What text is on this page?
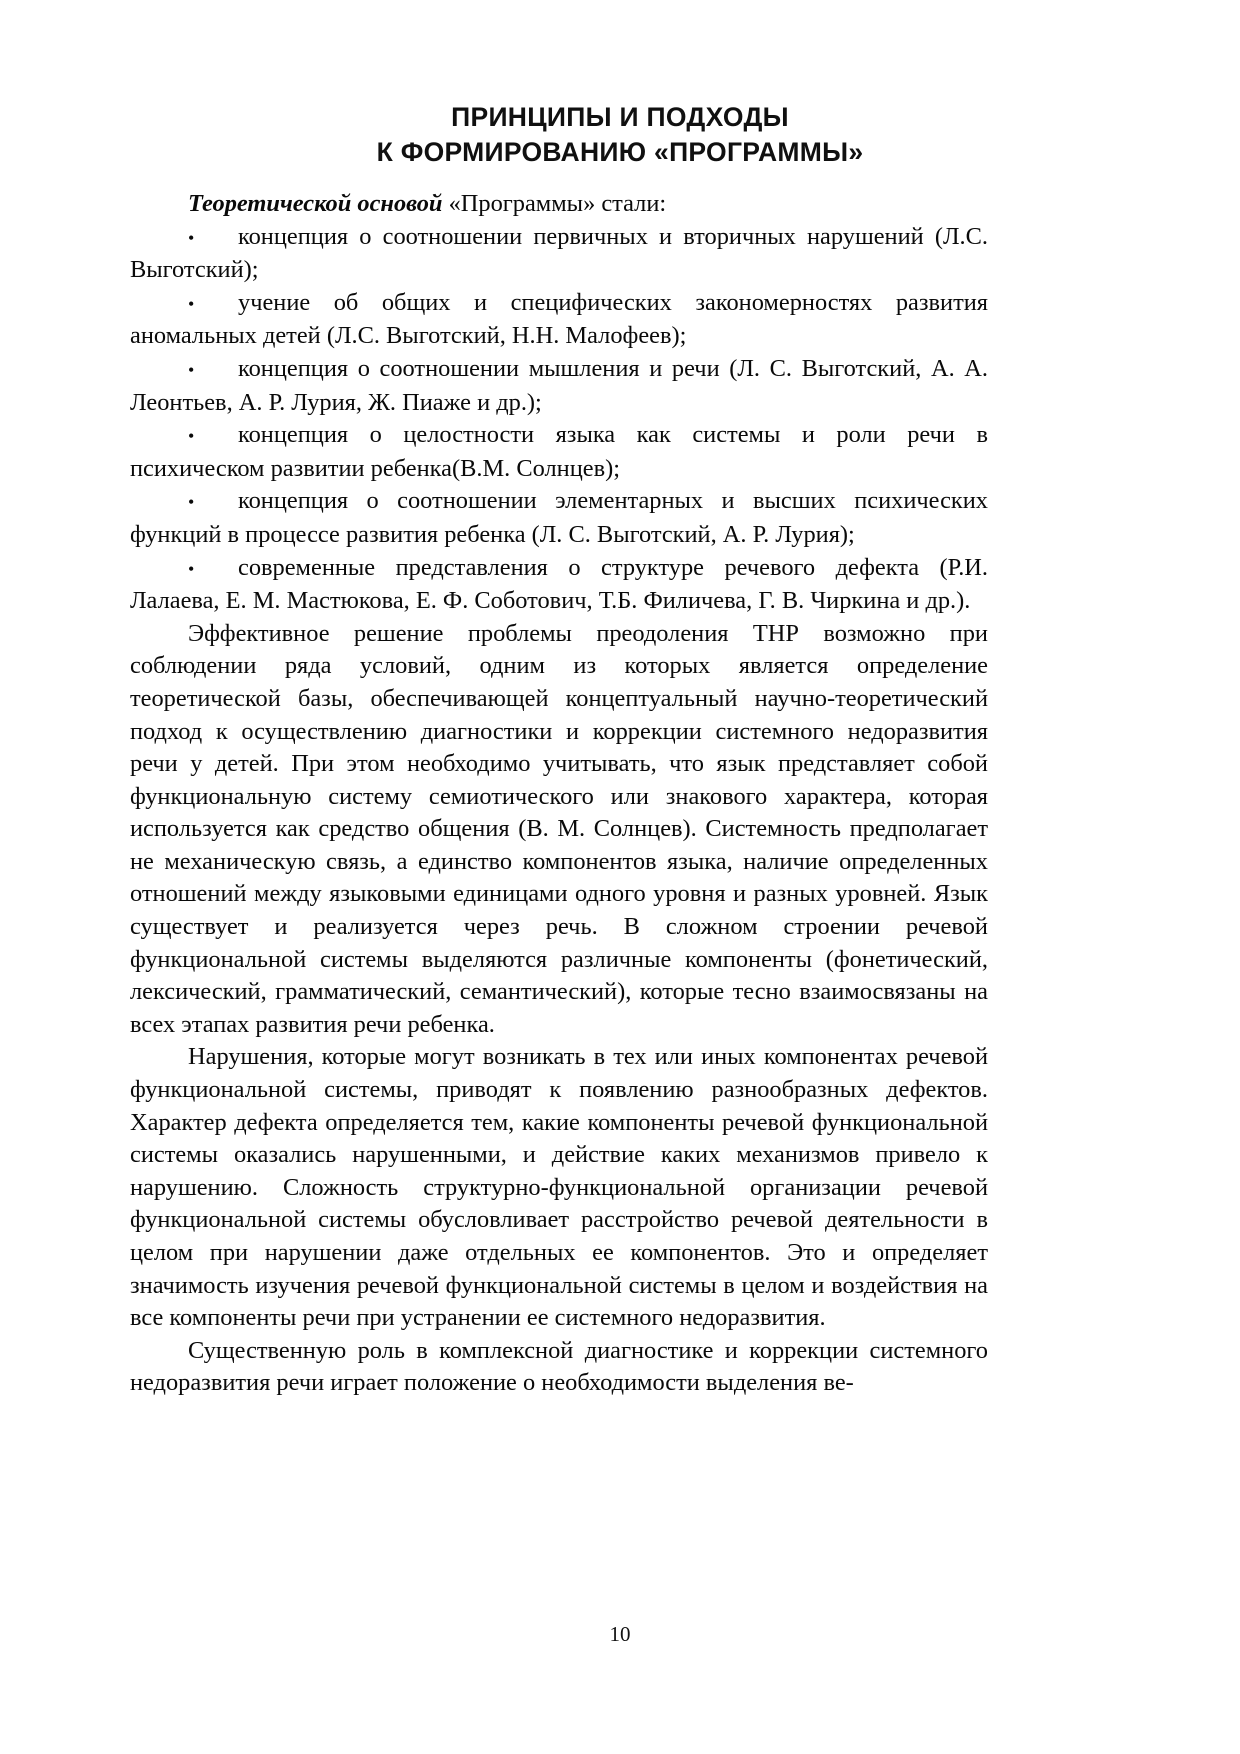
ПРИНЦИПЫ И ПОДХОДЫ
К ФОРМИРОВАНИЮ «ПРОГРАММЫ»

Теоретической основой «Программы» стали:

• концепция о соотношении первичных и вторичных нарушений (Л.С. Выготский);

• учение об общих и специфических закономерностях развития аномальных детей (Л.С. Выготский, Н.Н. Малофеев);

• концепция о соотношении мышления и речи (Л. С. Выготский, А. А. Леонтьев, А. Р. Лурия, Ж. Пиаже и др.);

• концепция о целостности языка как системы и роли речи в психическом развитии ребенка(В.М. Солнцев);

• концепция о соотношении элементарных и высших психических функций в процессе развития ребенка (Л. С. Выготский, А. Р. Лурия);

• современные представления о структуре речевого дефекта (Р.И. Лалаева, Е. М. Мастюкова, Е. Ф. Соботович, Т.Б. Филичева, Г. В. Чиркина и др.).

Эффективное решение проблемы преодоления ТНР возможно при соблюдении ряда условий, одним из которых является определение теоретической базы, обеспечивающей концептуальный научно-теоретический подход к осуществлению диагностики и коррекции системного недоразвития речи у детей. При этом необходимо учитывать, что язык представляет собой функциональную систему семиотического или знакового характера, которая используется как средство общения (В. М. Солнцев). Системность предполагает не механическую связь, а единство компонентов языка, наличие определенных отношений между языковыми единицами одного уровня и разных уровней. Язык существует и реализуется через речь. В сложном строении речевой функциональной системы выделяются различные компоненты (фонетический, лексический, грамматический, семантический), которые тесно взаимосвязаны на всех этапах развития речи ребенка.

Нарушения, которые могут возникать в тех или иных компонентах речевой функциональной системы, приводят к появлению разнообразных дефектов. Характер дефекта определяется тем, какие компоненты речевой функциональной системы оказались нарушенными, и действие каких механизмов привело к нарушению. Сложность структурно-функциональной организации речевой функциональной системы обусловливает расстройство речевой деятельности в целом при нарушении даже отдельных ее компонентов. Это и определяет значимость изучения речевой функциональной системы в целом и воздействия на все компоненты речи при устранении ее системного недоразвития.

Существенную роль в комплексной диагностике и коррекции системного недоразвития речи играет положение о необходимости выделения ве-

10
